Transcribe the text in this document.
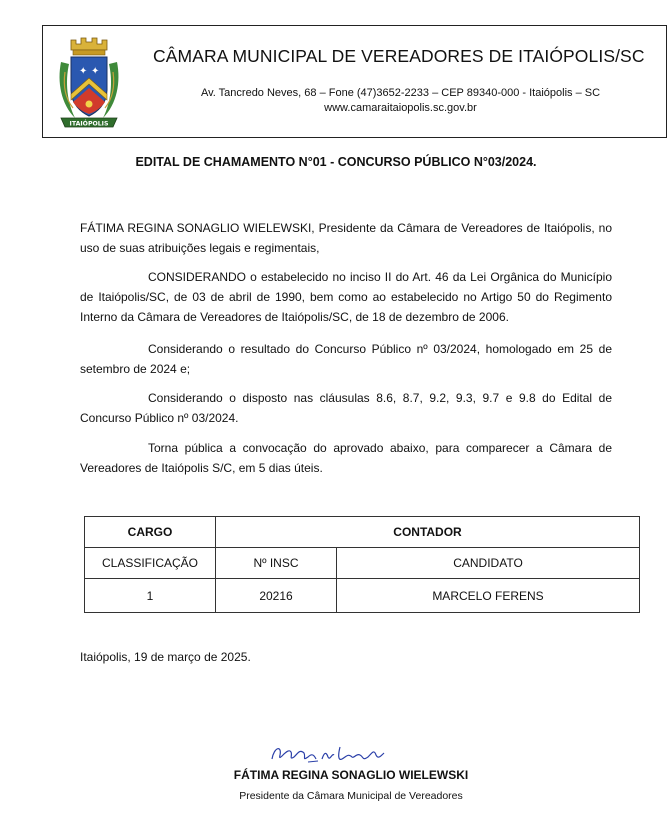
✦ ✦
ITAIÓPOLIS
CÂMARA MUNICIPAL DE VEREADORES DE ITAIÓPOLIS/SC
Av. Tancredo Neves, 68 – Fone (47)3652-2233 – CEP 89340-000 - Itaiópolis – SC
www.camaraitaiopolis.sc.gov.br
EDITAL DE CHAMAMENTO N°01 - CONCURSO PÚBLICO N°03/2024.
FÁTIMA REGINA SONAGLIO WIELEWSKI, Presidente da Câmara de Vereadores de Itaiópolis, no uso de suas atribuições legais e regimentais,
CONSIDERANDO o estabelecido no inciso II do Art. 46 da Lei Orgânica do Município de Itaiópolis/SC, de 03 de abril de 1990, bem como ao estabelecido no Artigo 50 do Regimento Interno da Câmara de Vereadores de Itaiópolis/SC, de 18 de dezembro de 2006.
Considerando o resultado do Concurso Público nº 03/2024, homologado em 25 de setembro de 2024 e;
Considerando o disposto nas cláusulas 8.6, 8.7, 9.2, 9.3, 9.7 e 9.8 do Edital de Concurso Público nº 03/2024.
Torna pública a convocação do aprovado abaixo, para comparecer a Câmara de Vereadores de Itaiópolis S/C, em 5 dias úteis.
CARGO	CONTADOR	
CLASSIFICAÇÃO	Nº INSC	CANDIDATO
1	20216	MARCELO FERENS
Itaiópolis, 19 de março de 2025.
FÁTIMA REGINA SONAGLIO WIELEWSKI
Presidente da Câmara Municipal de Vereadores
